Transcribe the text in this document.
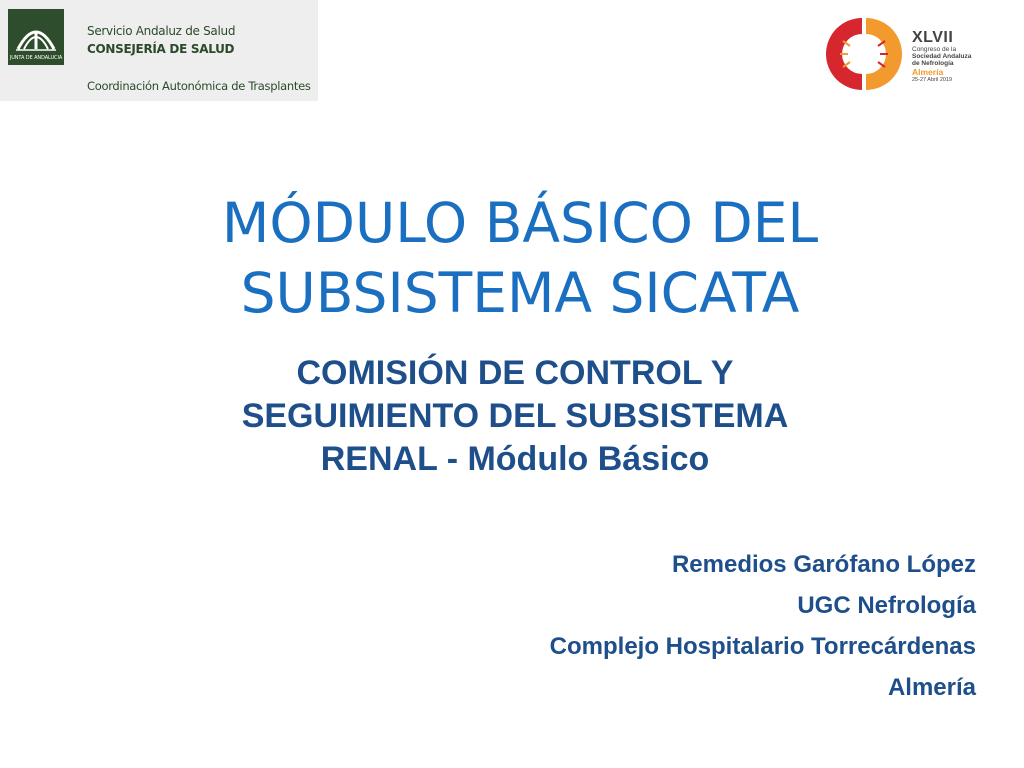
JUNTA DE ANDALUCIA
Servicio Andaluz de Salud
CONSEJERÍA DE SALUD
Coordinación Autonómica de Trasplantes
XLVII
Congreso de la
Sociedad Andaluza
de Nefrología
Almería
25-27 Abril 2019
MÓDULO BÁSICO DEL
SUBSISTEMA SICATA
COMISIÓN DE CONTROL Y
SEGUIMIENTO DEL SUBSISTEMA
RENAL - Módulo Básico
Remedios Garófano López
UGC Nefrología
Complejo Hospitalario Torrecárdenas
Almería
